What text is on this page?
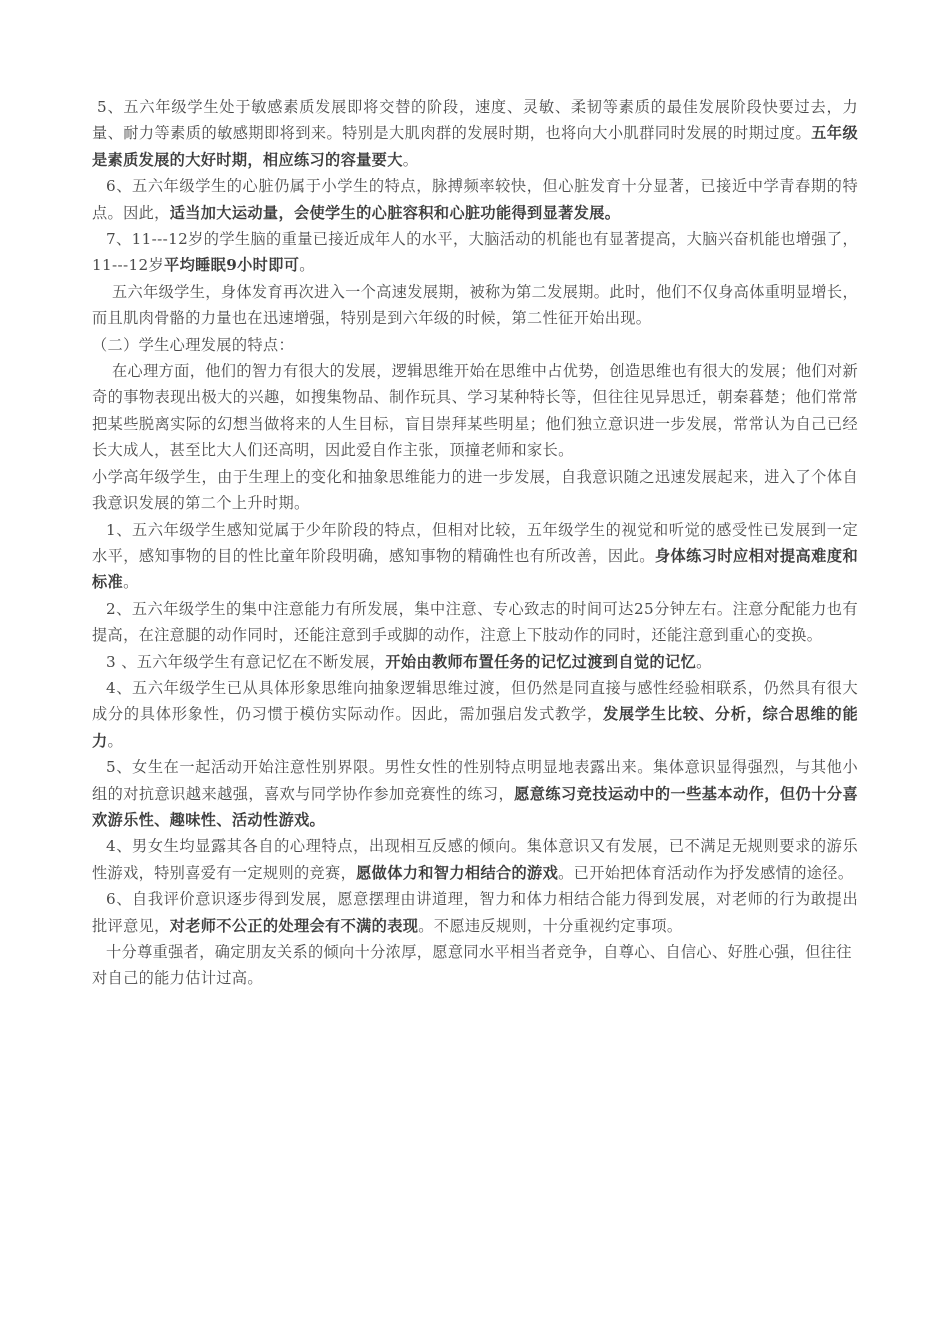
5、五六年级学生处于敏感素质发展即将交替的阶段，速度、灵敏、柔韧等素质的最佳发展阶段快要过去，力量、耐力等素质的敏感期即将到来。特别是大肌肉群的发展时期，也将向大小肌群同时发展的时期过度。五年级是素质发展的大好时期，相应练习的容量要大。

6、五六年级学生的心脏仍属于小学生的特点，脉搏频率较快，但心脏发育十分显著，已接近中学青春期的特点。因此，适当加大运动量，会使学生的心脏容积和心脏功能得到显著发展。

7、11---12岁的学生脑的重量已接近成年人的水平，大脑活动的机能也有显著提高，大脑兴奋机能也增强了，11---12岁平均睡眠9小时即可。

五六年级学生，身体发育再次进入一个高速发展期，被称为第二发展期。此时，他们不仅身高体重明显增长，而且肌肉骨骼的力量也在迅速增强，特别是到六年级的时候，第二性征开始出现。

（二）学生心理发展的特点：

在心理方面，他们的智力有很大的发展，逻辑思维开始在思维中占优势，创造思维也有很大的发展；他们对新奇的事物表现出极大的兴趣，如搜集物品、制作玩具、学习某种特长等，但往往见异思迁，朝秦暮楚；他们常常把某些脱离实际的幻想当做将来的人生目标，盲目崇拜某些明星；他们独立意识进一步发展，常常认为自己已经长大成人，甚至比大人们还高明，因此爱自作主张，顶撞老师和家长。

小学高年级学生，由于生理上的变化和抽象思维能力的进一步发展，自我意识随之迅速发展起来，进入了个体自我意识发展的第二个上升时期。

1、五六年级学生感知觉属于少年阶段的特点，但相对比较，五年级学生的视觉和听觉的感受性已发展到一定水平，感知事物的目的性比童年阶段明确，感知事物的精确性也有所改善，因此。身体练习时应相对提高难度和标准。

2、五六年级学生的集中注意能力有所发展，集中注意、专心致志的时间可达25分钟左右。注意分配能力也有提高，在注意腿的动作同时，还能注意到手或脚的动作，注意上下肢动作的同时，还能注意到重心的变换。

3 、五六年级学生有意记忆在不断发展，开始由教师布置任务的记忆过渡到自觉的记忆。

4、五六年级学生已从具体形象思维向抽象逻辑思维过渡，但仍然是同直接与感性经验相联系，仍然具有很大成分的具体形象性，仍习惯于模仿实际动作。因此，需加强启发式教学，发展学生比较、分析，综合思维的能力。

5、女生在一起活动开始注意性别界限。男性女性的性别特点明显地表露出来。集体意识显得强烈，与其他小组的对抗意识越来越强，喜欢与同学协作参加竞赛性的练习，愿意练习竞技运动中的一些基本动作，但仍十分喜欢游乐性、趣味性、活动性游戏。

4、男女生均显露其各自的心理特点，出现相互反感的倾向。集体意识又有发展，已不满足无规则要求的游乐性游戏，特别喜爱有一定规则的竞赛，愿做体力和智力相结合的游戏。已开始把体育活动作为抒发感情的途径。

6、自我评价意识逐步得到发展，愿意摆理由讲道理，智力和体力相结合能力得到发展，对老师的行为敢提出批评意见，对老师不公正的处理会有不满的表现。不愿违反规则，十分重视约定事项。

十分尊重强者，确定朋友关系的倾向十分浓厚，愿意同水平相当者竞争，自尊心、自信心、好胜心强，但往往对自己的能力估计过高。
